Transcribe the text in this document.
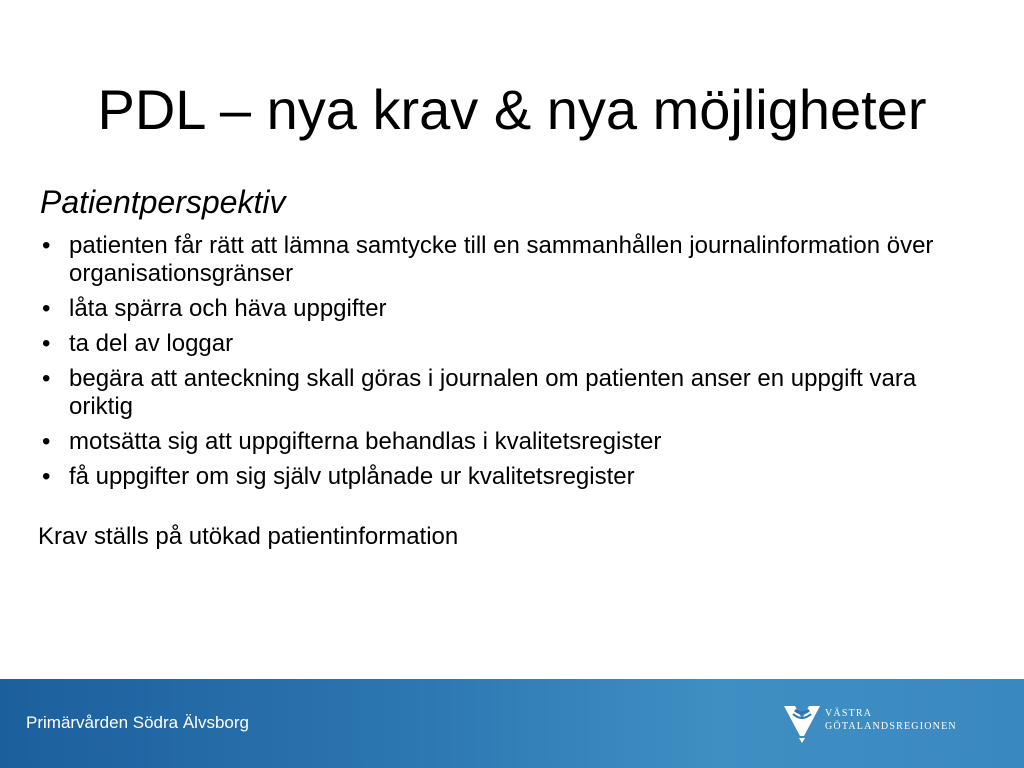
PDL – nya krav & nya möjligheter
Patientperspektiv
• patienten får rätt att lämna samtycke till en sammanhållen journalinformation över organisationsgränser
• låta spärra och häva uppgifter
• ta del av loggar
• begära att anteckning skall göras i journalen om patienten anser en uppgift vara oriktig
• motsätta sig att uppgifterna behandlas i kvalitetsregister
• få uppgifter om sig själv utplånade ur kvalitetsregister
Krav ställs på utökad patientinformation
Primärvården Södra Älvsborg	VÄSTRA
GÖTALANDSREGIONEN
